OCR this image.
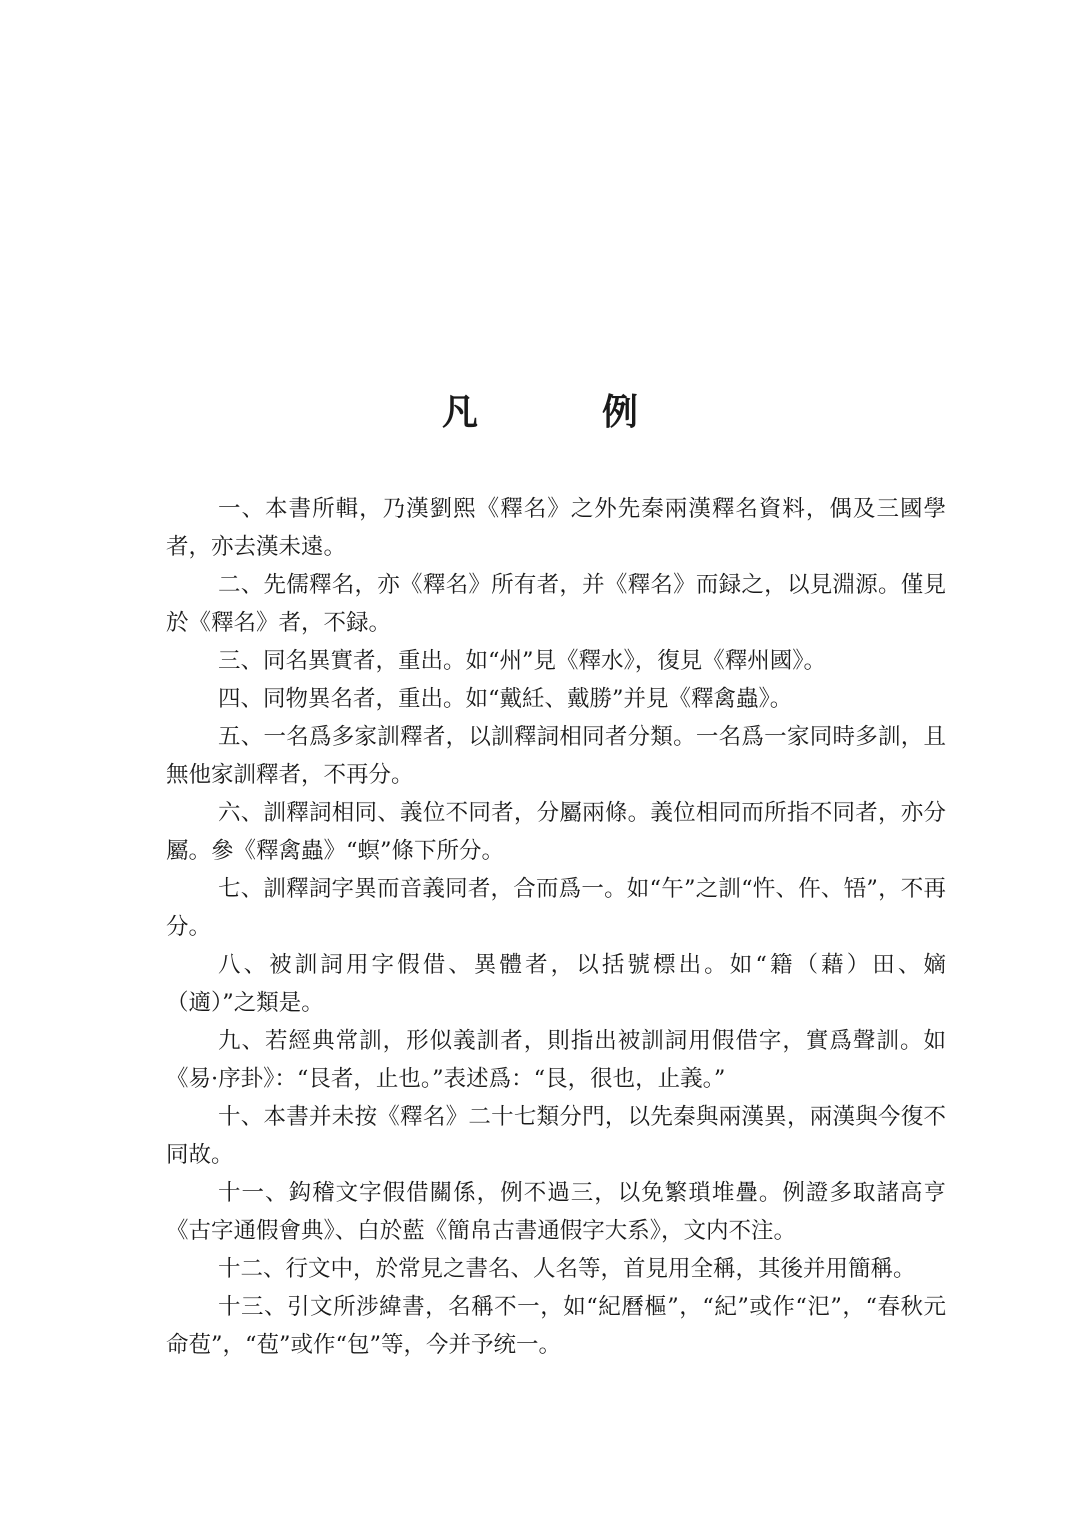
凡　例

一、本書所輯，乃漢劉熙《釋名》之外先秦兩漢釋名資料，偶及三國學者，亦去漢未遠。

二、先儒釋名，亦《釋名》所有者，并《釋名》而録之，以見淵源。僅見於《釋名》者，不録。

三、同名異實者，重出。如“州”見《釋水》，復見《釋州國》。

四、同物異名者，重出。如“戴紝、戴勝”并見《釋禽蟲》。

五、一名爲多家訓釋者，以訓釋詞相同者分類。一名爲一家同時多訓，且無他家訓釋者，不再分。

六、訓釋詞相同、義位不同者，分屬兩條。義位相同而所指不同者，亦分屬。參《釋禽蟲》“螟”條下所分。

七、訓釋詞字異而音義同者，合而爲一。如“午”之訓“忤、仵、啎”，不再分。

八、被訓詞用字假借、異體者，以括號標出。如“籍（藉）田、嫡（適）”之類是。

九、若經典常訓，形似義訓者，則指出被訓詞用假借字，實爲聲訓。如《易·序卦》：“艮者，止也。”表述爲：“艮，很也，止義。”

十、本書并未按《釋名》二十七類分門，以先秦與兩漢異，兩漢與今復不同故。

十一、鈎稽文字假借關係，例不過三，以免繁瑣堆疊。例證多取諸高亨《古字通假會典》、白於藍《簡帛古書通假字大系》，文内不注。

十二、行文中，於常見之書名、人名等，首見用全稱，其後并用簡稱。

十三、引文所涉緯書，名稱不一，如“紀曆樞”，“紀”或作“汜”，“春秋元命苞”，“苞”或作“包”等，今并予统一。
